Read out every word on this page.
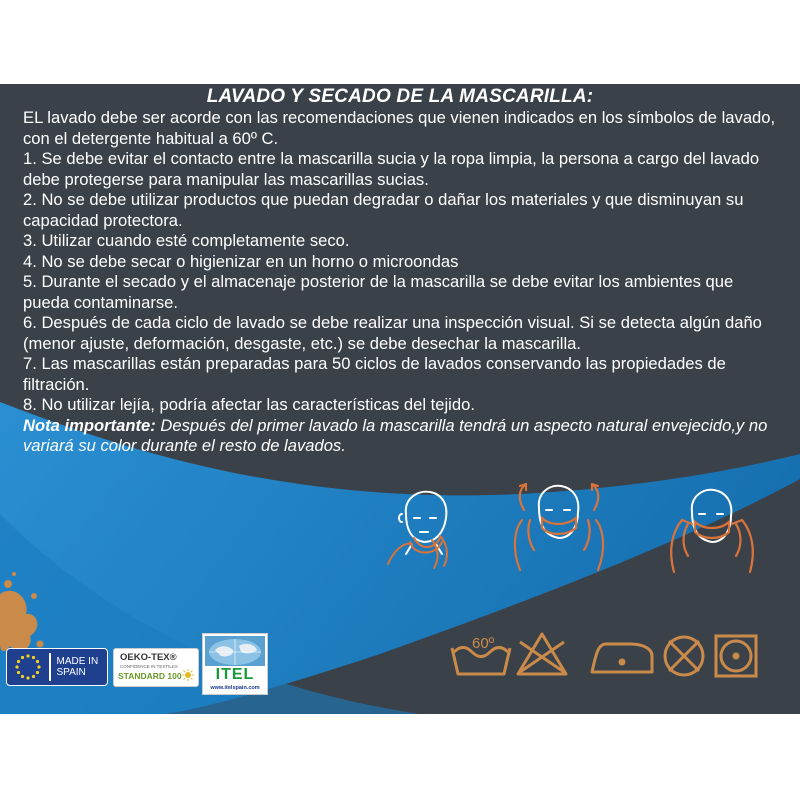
LAVADO Y SECADO DE LA MASCARILLA:

EL lavado debe ser acorde con las recomendaciones que vienen indicados en los símbolos de lavado, con el detergente habitual a 60º C.

1. Se debe evitar el contacto entre la mascarilla sucia y la ropa limpia, la persona a cargo del lavado debe protegerse para manipular las mascarillas sucias.

2. No se debe utilizar productos que puedan degradar o dañar los materiales y que disminuyan su capacidad protectora.

3. Utilizar cuando esté completamente seco.

4. No se debe secar o higienizar en un horno o microondas

5. Durante el secado y el almacenaje posterior de la mascarilla se debe evitar los ambientes que pueda contaminarse.

6. Después de cada ciclo de lavado se debe realizar una inspección visual. Si se detecta algún daño (menor ajuste, deformación, desgaste, etc.) se debe desechar la mascarilla.

7. Las mascarillas están preparadas para 50 ciclos de lavados conservando las propiedades de filtración.

8. No utilizar lejía, podría afectar las características del tejido.

Nota importante: Después del primer lavado la mascarilla tendrá un aspecto natural envejecido,y no variará su color durante el resto de lavados.

60º
MADE IN
SPAIN
OEKO-TEX®
CONFIDENCE IN TEXTILES
STANDARD 100	ITEL
www.itelspain.com
